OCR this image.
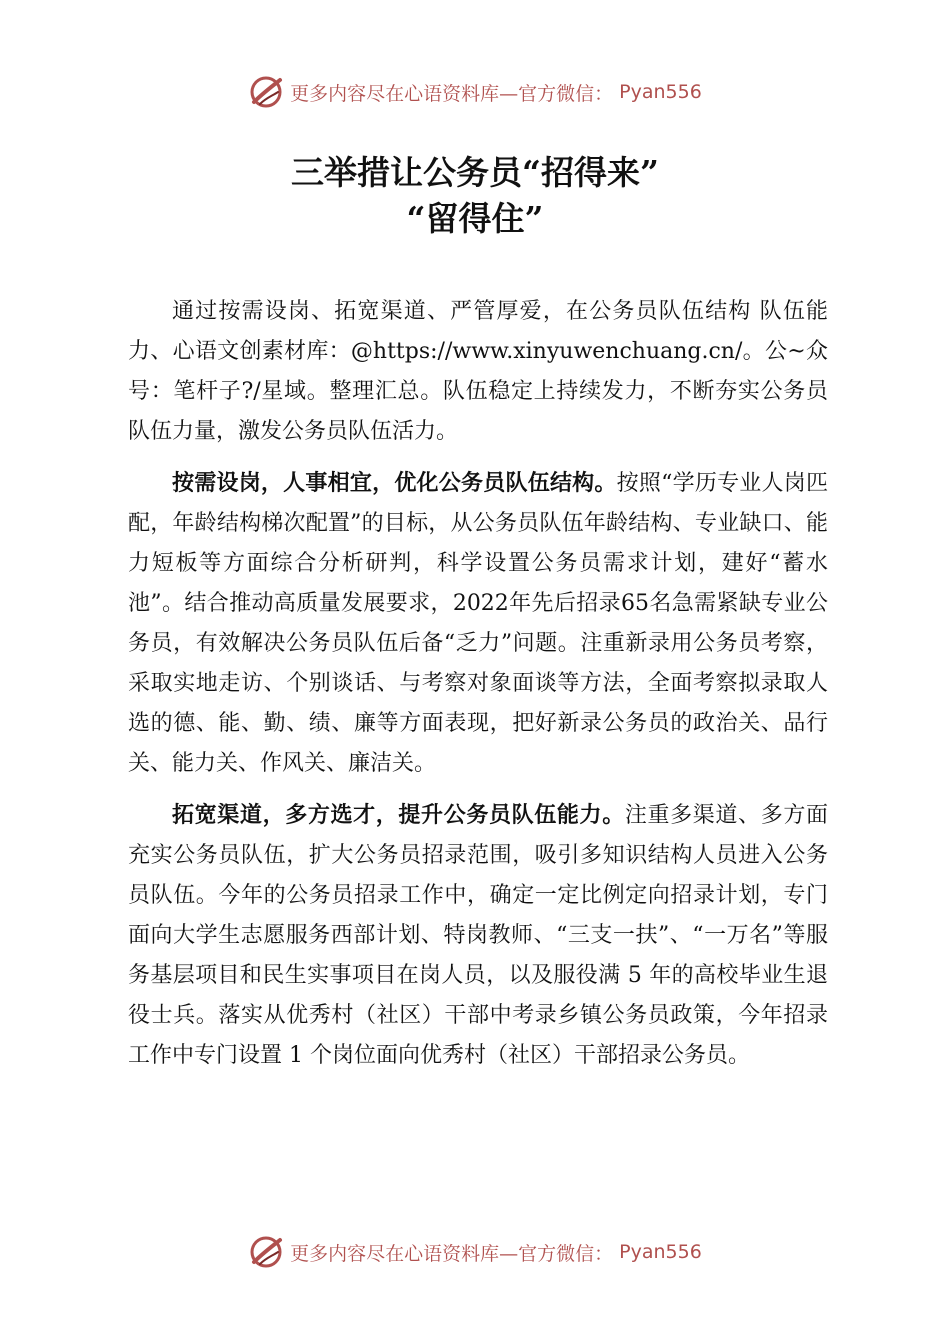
更多内容尽在心语资料库—官方微信： Pyan556
三举措让公务员“招得来”
“留得住”

通过按需设岗、拓宽渠道、严管厚爱，在公务员队伍结构 队伍能力、心语文创素材库：@https://www.xinyuwenchuang.cn/。公~众号：笔杆子?/星域。整理汇总。队伍稳定上持续发力，不断夯实公务员队伍力量，激发公务员队伍活力。

按需设岗，人事相宜，优化公务员队伍结构。按照“学历专业人岗匹配，年龄结构梯次配置”的目标，从公务员队伍年龄结构、专业缺口、能力短板等方面综合分析研判，科学设置公务员需求计划，建好“蓄水池”。结合推动高质量发展要求，2022年先后招录65名急需紧缺专业公务员，有效解决公务员队伍后备“乏力”问题。注重新录用公务员考察，采取实地走访、个别谈话、与考察对象面谈等方法，全面考察拟录取人选的德、能、勤、绩、廉等方面表现，把好新录公务员的政治关、品行关、能力关、作风关、廉洁关。

拓宽渠道，多方选才，提升公务员队伍能力。注重多渠道、多方面充实公务员队伍，扩大公务员招录范围，吸引多知识结构人员进入公务员队伍。今年的公务员招录工作中，确定一定比例定向招录计划，专门面向大学生志愿服务西部计划、特岗教师、“三支一扶”、“一万名”等服务基层项目和民生实事项目在岗人员，以及服役满 5 年的高校毕业生退役士兵。落实从优秀村（社区）干部中考录乡镇公务员政策，今年招录工作中专门设置 1 个岗位面向优秀村（社区）干部招录公务员。

更多内容尽在心语资料库—官方微信： Pyan556
